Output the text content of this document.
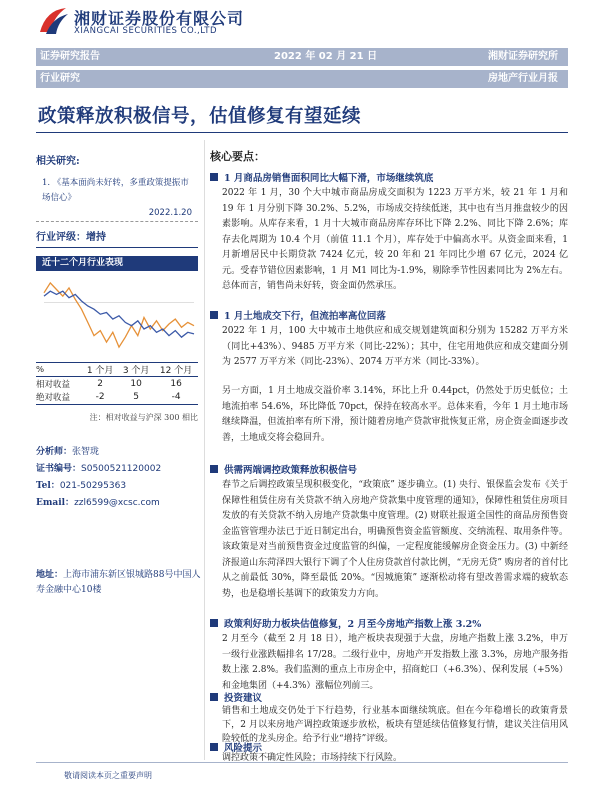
湘财证券股份有限公司
XIANGCAI SECURITIES CO.,LTD
证券研究报告	2022 年 02 月 21 日	湘财证券研究所
行业研究	房地产行业月报
政策释放积极信号，估值修复有望延续
相关研究:
1. 《基本面尚未好转，多重政策提振市场信心》
2022.1.20
行业评级：增持
近十二个月行业表现
%	1 个月	3 个月	12 个月
相对收益	2	10	16
绝对收益	-2	5	-4
注：相对收益与沪深 300 相比
分析师：张智珑
证书编号：S0500521120002
Tel：021-50295363
Email：zzl6599@xcsc.com
地址：上海市浦东新区银城路88号中国人寿金融中心10楼
核心要点：
1 月商品房销售面积同比大幅下滑，市场继续筑底
2022 年 1 月，30 个大中城市商品房成交面积为 1223 万平方米，较 21 年 1 月和 19 年 1 月分别下降 30.2%、5.2%，市场成交持续低迷，其中也有当月推盘较少的因素影响。从库存来看，1 月十大城市商品房库存环比下降 2.2%、同比下降 2.6%；库存去化周期为 10.4 个月（前值 11.1 个月），库存处于中偏高水平。从资金面来看，1 月新增居民中长期贷款 7424 亿元，较 20 年和 21 年同比少增 67 亿元，2024 亿元。受春节错位因素影响，1 月 M1 同比为-1.9%，剔除季节性因素同比为 2%左右。总体而言，销售尚未好转，资金面仍然承压。
1 月土地成交下行，但流拍率高位回落
2022 年 1 月，100 大中城市土地供应和成交规划建筑面积分别为 15282 万平方米（同比+43%）、9485 万平方米（同比-22%）；其中，住宅用地供应和成交建面分别为 2577 万平方米（同比-23%）、2074 万平方米（同比-33%）。
另一方面，1 月土地成交溢价率 3.14%，环比上升 0.44pct，仍然处于历史低位；土地流拍率 54.6%，环比降低 70pct，保持在较高水平。总体来看，今年 1 月土地市场继续降温，但流拍率有所下滑，预计随着房地产贷款审批恢复正常，房企资金面逐步改善，土地成交将会稳回升。
供需两端调控政策释放积极信号
春节之后调控政策呈现积极变化，“政策底” 逐步确立。(1) 央行、银保监会发布《关于保障性租赁住房有关贷款不纳入房地产贷款集中度管理的通知》，保障性租赁住房项目发放的有关贷款不纳入房地产贷款集中度管理。(2) 财联社报道全国性的商品房预售资金监管管理办法已于近日制定出台，明确预售资金监管额度、交纳流程、取用条件等。该政策是对当前预售资金过度监管的纠偏，一定程度能缓解房企资金压力。(3) 中新经济报道山东菏泽四大银行下调了个人住房贷款首付款比例，“无房无贷” 购房者的首付比从之前最低 30%，降至最低 20%。“因城施策” 逐渐松动将有望改善需求端的疲软态势，也是稳增长基调下的政策发力方向。
政策利好助力板块估值修复，2 月至今房地产指数上涨 3.2%
2 月至今（截至 2 月 18 日），地产板块表现强于大盘，房地产指数上涨 3.2%，申万一级行业涨跌幅排名 17/28。二级行业中，房地产开发指数上涨 3.3%，房地产服务指数上涨 2.8%。我们监测的重点上市房企中，招商蛇口（+6.3%）、保利发展（+5%）和金地集团（+4.3%）涨幅位列前三。
投资建议
销售和土地成交仍处于下行趋势，行业基本面继续筑底。但在今年稳增长的政策背景下，2 月以来房地产调控政策逐步放松，板块有望延续估值修复行情，建议关注信用风险较低的龙头房企。给予行业“增持”评级。
风险提示
调控政策不确定性风险；市场持续下行风险。
敬请阅读本页之重要声明
